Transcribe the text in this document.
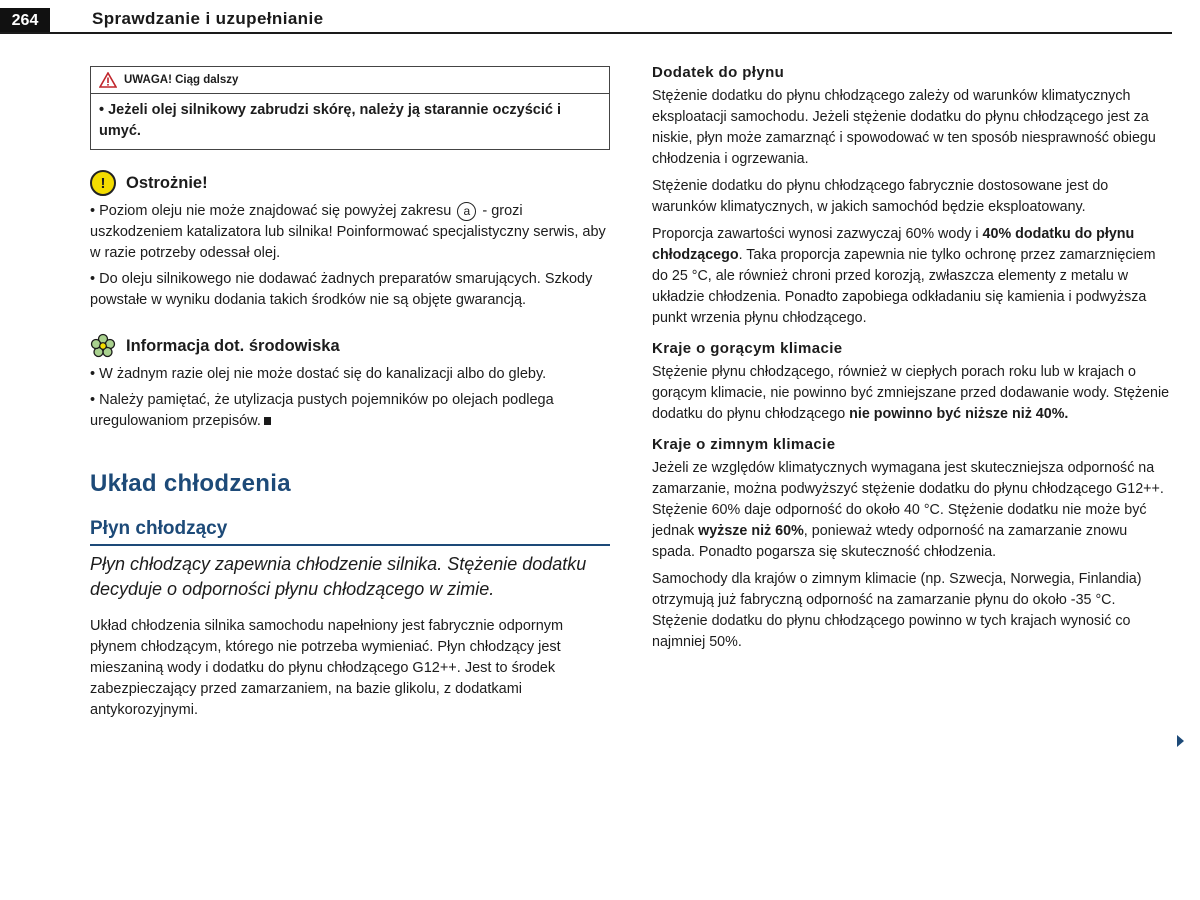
264	Sprawdzanie i uzupełnianie
UWAGA! Ciąg dalszy
• Jeżeli olej silnikowy zabrudzi skórę, należy ją starannie oczyścić i umyć.
!	Ostrożnie!

• Poziom oleju nie może znajdować się powyżej zakresu a - grozi uszkodzeniem katalizatora lub silnika! Poinformować specjalistyczny serwis, aby w razie potrzeby odessał olej.

• Do oleju silnikowego nie dodawać żadnych preparatów smarujących. Szkody powstałe w wyniku dodania takich środków nie są objęte gwarancją.

Informacja dot. środowiska

• W żadnym razie olej nie może dostać się do kanalizacji albo do gleby.

• Należy pamiętać, że utylizacja pustych pojemników po olejach podlega uregulowaniom przepisów.

Układ chłodzenia
Płyn chłodzący

Płyn chłodzący zapewnia chłodzenie silnika. Stężenie dodatku decyduje o odporności płynu chłodzącego w zimie.

Układ chłodzenia silnika samochodu napełniony jest fabrycznie odpornym płynem chłodzącym, którego nie potrzeba wymieniać. Płyn chłodzący jest mieszaniną wody i dodatku do płynu chłodzącego G12++. Jest to środek zabezpieczający przed zamarzaniem, na bazie glikolu, z dodatkami antykorozyjnymi.

Dodatek do płynu

Stężenie dodatku do płynu chłodzącego zależy od warunków klimatycznych eksploatacji samochodu. Jeżeli stężenie dodatku do płynu chłodzącego jest za niskie, płyn może zamarznąć i spowodować w ten sposób niesprawność obiegu chłodzenia i ogrzewania.

Stężenie dodatku do płynu chłodzącego fabrycznie dostosowane jest do warunków klimatycznych, w jakich samochód będzie eksploatowany.

Proporcja zawartości wynosi zazwyczaj 60% wody i 40% dodatku do płynu chłodzącego. Taka proporcja zapewnia nie tylko ochronę przez zamarznięciem do 25 °C, ale również chroni przed korozją, zwłaszcza elementy z metalu w układzie chłodzenia. Ponadto zapobiega odkładaniu się kamienia i podwyższa punkt wrzenia płynu chłodzącego.

Kraje o gorącym klimacie

Stężenie płynu chłodzącego, również w ciepłych porach roku lub w krajach o gorącym klimacie, nie powinno być zmniejszane przed dodawanie wody. Stężenie dodatku do płynu chłodzącego nie powinno być niższe niż 40%.

Kraje o zimnym klimacie

Jeżeli ze względów klimatycznych wymagana jest skuteczniejsza odporność na zamarzanie, można podwyższyć stężenie dodatku do płynu chłodzącego G12++. Stężenie 60% daje odporność do około 40 °C. Stężenie dodatku nie może być jednak wyższe niż 60%, ponieważ wtedy odporność na zamarzanie znowu spada. Ponadto pogarsza się skuteczność chłodzenia.

Samochody dla krajów o zimnym klimacie (np. Szwecja, Norwegia, Finlandia) otrzymują już fabryczną odporność na zamarzanie płynu do około -35 °C. Stężenie dodatku do płynu chłodzącego powinno w tych krajach wynosić co najmniej 50%.
